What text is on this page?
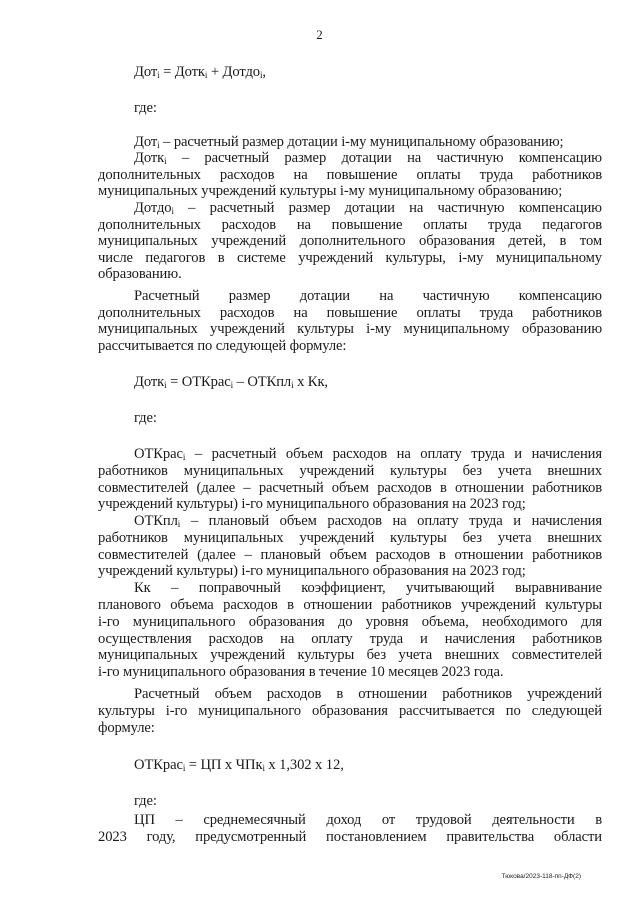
2
Дот$_i$ = Дотк$_i$ + Дотдо$_i$,
где:
Дот$_i$ – расчетный размер дотации i-му муниципальному образованию;
Дотк$_i$ – расчетный размер дотации на частичную компенсацию
дополнительных расходов на повышение оплаты труда работников
муниципальных учреждений культуры i-му муниципальному образованию;
Дотдо$_i$ – расчетный размер дотации на частичную компенсацию
дополнительных расходов на повышение оплаты труда педагогов
муниципальных учреждений дополнительного образования детей, в том
числе педагогов в системе учреждений культуры, i-му муниципальному
образованию.
Расчетный размер дотации на частичную компенсацию
дополнительных расходов на повышение оплаты труда работников
муниципальных учреждений культуры i-му муниципальному образованию
рассчитывается по следующей формуле:
Дотк$_i$ = ОТКрас$_i$ – ОТКпл$_i$ х Кк,
где:
ОТКрас$_i$ – расчетный объем расходов на оплату труда и начисления
работников муниципальных учреждений культуры без учета внешних
совместителей (далее – расчетный объем расходов в отношении работников
учреждений культуры) i-го муниципального образования на 2023 год;
ОТКпл$_i$ – плановый объем расходов на оплату труда и начисления
работников муниципальных учреждений культуры без учета внешних
совместителей (далее – плановый объем расходов в отношении работников
учреждений культуры) i-го муниципального образования на 2023 год;
Кк – поправочный коэффициент, учитывающий выравнивание
планового объема расходов в отношении работников учреждений культуры
i-го муниципального образования до уровня объема, необходимого для
осуществления расходов на оплату труда и начисления работников
муниципальных учреждений культуры без учета внешних совместителей
i-го муниципального образования в течение 10 месяцев 2023 года.
Расчетный объем расходов в отношении работников учреждений
культуры i-го муниципального образования рассчитывается по следующей
формуле:
ОТКрас$_i$ = ЦП х ЧПк$_i$ х 1,302 х 12,
где:
ЦП – среднемесячный доход от трудовой деятельности в
2023 году, предусмотренный постановлением правительства области
Тюкова/2023-118-пп-ДФ(2)
